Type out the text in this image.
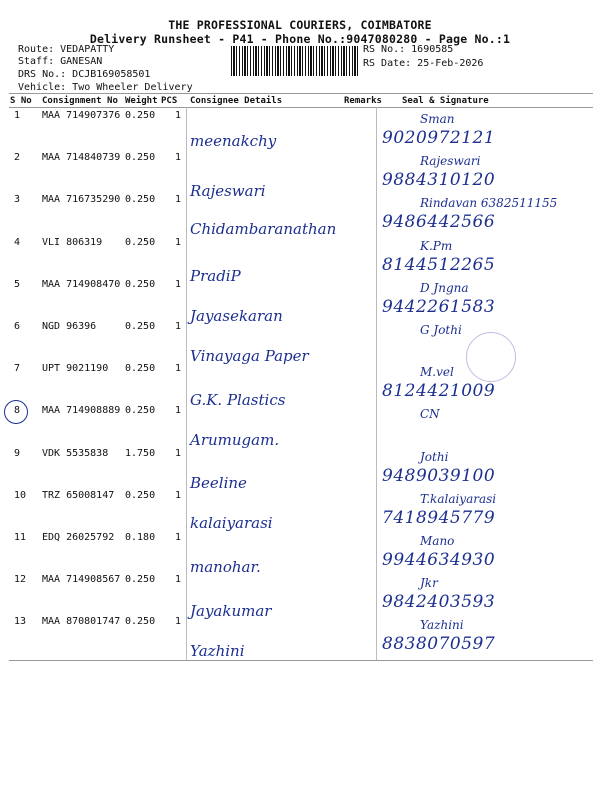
THE PROFESSIONAL COURIERS, COIMBATORE
Delivery Runsheet - P41 - Phone No.:9047080280 - Page No.:1
Route: VEDAPATTY
Staff: GANESAN
DRS No.: DCJB169058501
Vehicle: Two Wheeler Delivery
RS No.: 1690585
RS Date: 25-Feb-2026
S No Consignment No Weight PCS Consignee Details	Remarks Seal & Signature
1 MAA 714907376 0.250 1
meenakchy
Sman
9020972121
2 MAA 714840739 0.250 1
Rajeswari
Rajeswari
9884310120
3 MAA 716735290 0.250 1
Chidambaranathan
Rindavan 6382511155
9486442566
4 VLI 806319 0.250 1
PradiP
K.Pm
8144512265
5 MAA 714908470 0.250 1
Jayasekaran
D Jngna
9442261583
6 NGD 96396	0.250 1
Vinayaga Paper
G Jothi
7 UPT 9021190 0.250 1
G.K. Plastics
M.vel
8124421009
8 MAA 714908889 0.250 1
Arumugam.
CN
9 VDK 5535838 1.750 1
Beeline
Jothi
9489039100
10 TRZ 65008147 0.250 1
kalaiyarasi
T.kalaiyarasi
7418945779
11 EDQ 26025792 0.180 1
manohar.
Mano
9944634930
12 MAA 714908567 0.250 1
Jayakumar
Jkr
9842403593
13 MAA 870801747 0.250 1
Yazhini
Yazhini
8838070597
